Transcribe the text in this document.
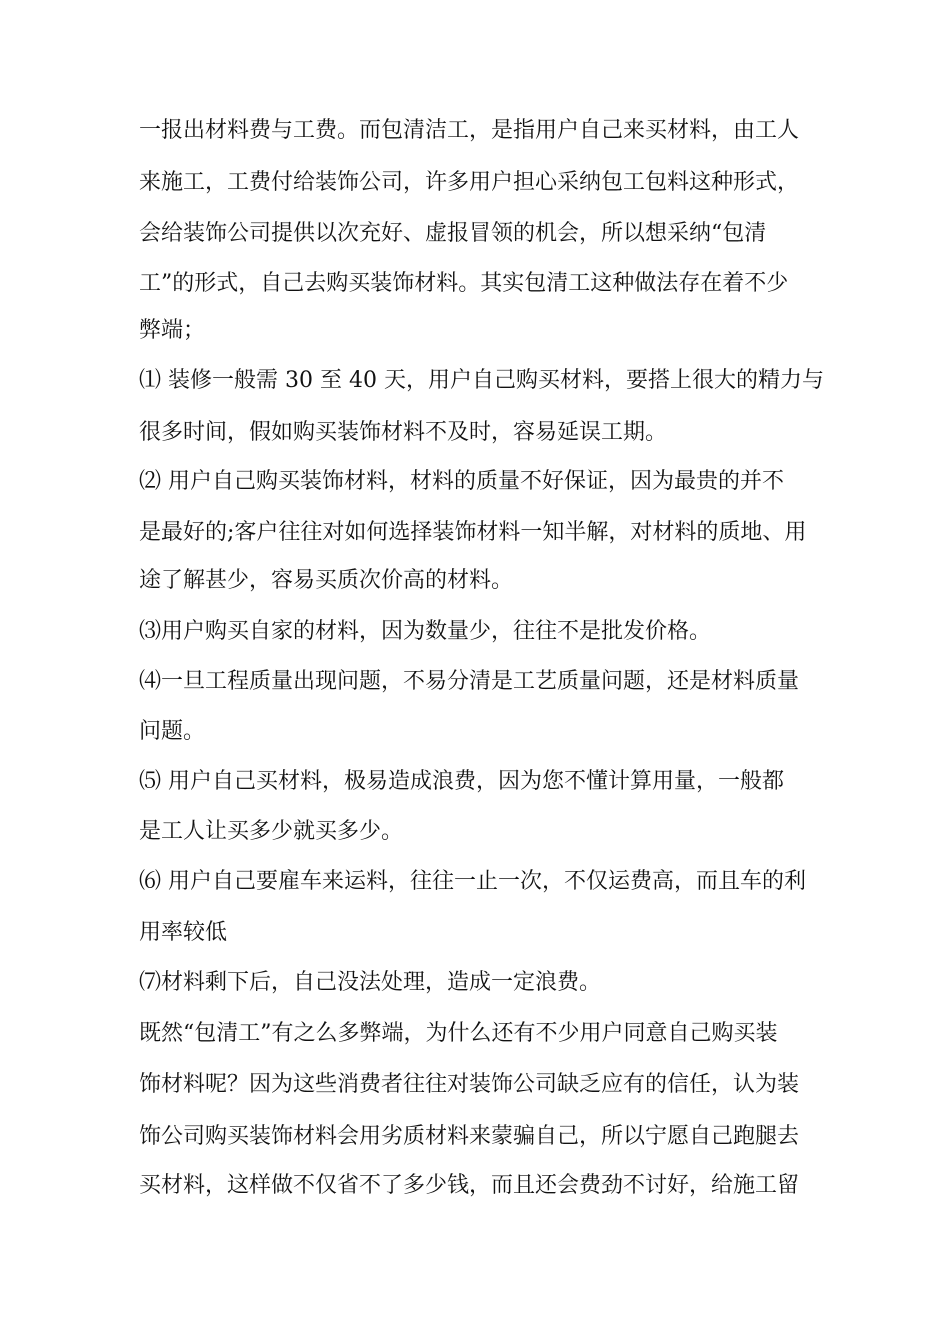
一报出材料费与工费。而包清洁工，是指用户自己来买材料，由工人
来施工，工费付给装饰公司，许多用户担心采纳包工包料这种形式，
会给装饰公司提供以次充好、虚报冒领的机会，所以想采纳“包清
工”的形式，自己去购买装饰材料。其实包清工这种做法存在着不少
弊端；
⑴ 装修一般需 30 至 40 天，用户自己购买材料，要搭上很大的精力与
很多时间，假如购买装饰材料不及时，容易延误工期。
⑵ 用户自己购买装饰材料，材料的质量不好保证，因为最贵的并不
是最好的;客户往往对如何选择装饰材料一知半解，对材料的质地、用
途了解甚少，容易买质次价高的材料。
⑶用户购买自家的材料，因为数量少，往往不是批发价格。
⑷一旦工程质量出现问题，不易分清是工艺质量问题，还是材料质量
问题。
⑸ 用户自己买材料，极易造成浪费，因为您不懂计算用量，一般都
是工人让买多少就买多少。
⑹ 用户自己要雇车来运料，往往一止一次，不仅运费高，而且车的利
用率较低
⑺材料剩下后，自己没法处理，造成一定浪费。
既然“包清工”有之么多弊端，为什么还有不少用户同意自己购买装
饰材料呢？因为这些消费者往往对装饰公司缺乏应有的信任，认为装
饰公司购买装饰材料会用劣质材料来蒙骗自己，所以宁愿自己跑腿去
买材料，这样做不仅省不了多少钱，而且还会费劲不讨好，给施工留
